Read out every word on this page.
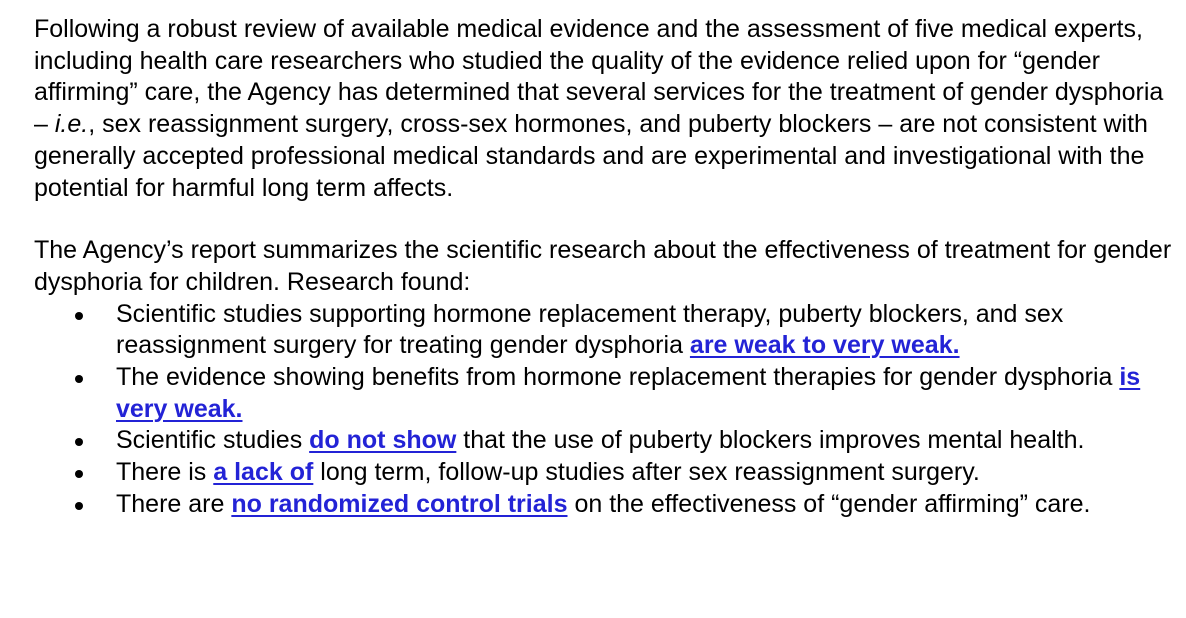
Following a robust review of available medical evidence and the assessment of five medical experts, including health care researchers who studied the quality of the evidence relied upon for “gender affirming” care, the Agency has determined that several services for the treatment of gender dysphoria – i.e., sex reassignment surgery, cross-sex hormones, and puberty blockers – are not consistent with generally accepted professional medical standards and are experimental and investigational with the potential for harmful long term affects.

The Agency’s report summarizes the scientific research about the effectiveness of treatment for gender dysphoria for children. Research found:

Scientific studies supporting hormone replacement therapy, puberty blockers, and sex reassignment surgery for treating gender dysphoria are weak to very weak.
The evidence showing benefits from hormone replacement therapies for gender dysphoria is very weak.
Scientific studies do not show that the use of puberty blockers improves mental health.
There is a lack of long term, follow-up studies after sex reassignment surgery.
There are no randomized control trials on the effectiveness of “gender affirming” care.
